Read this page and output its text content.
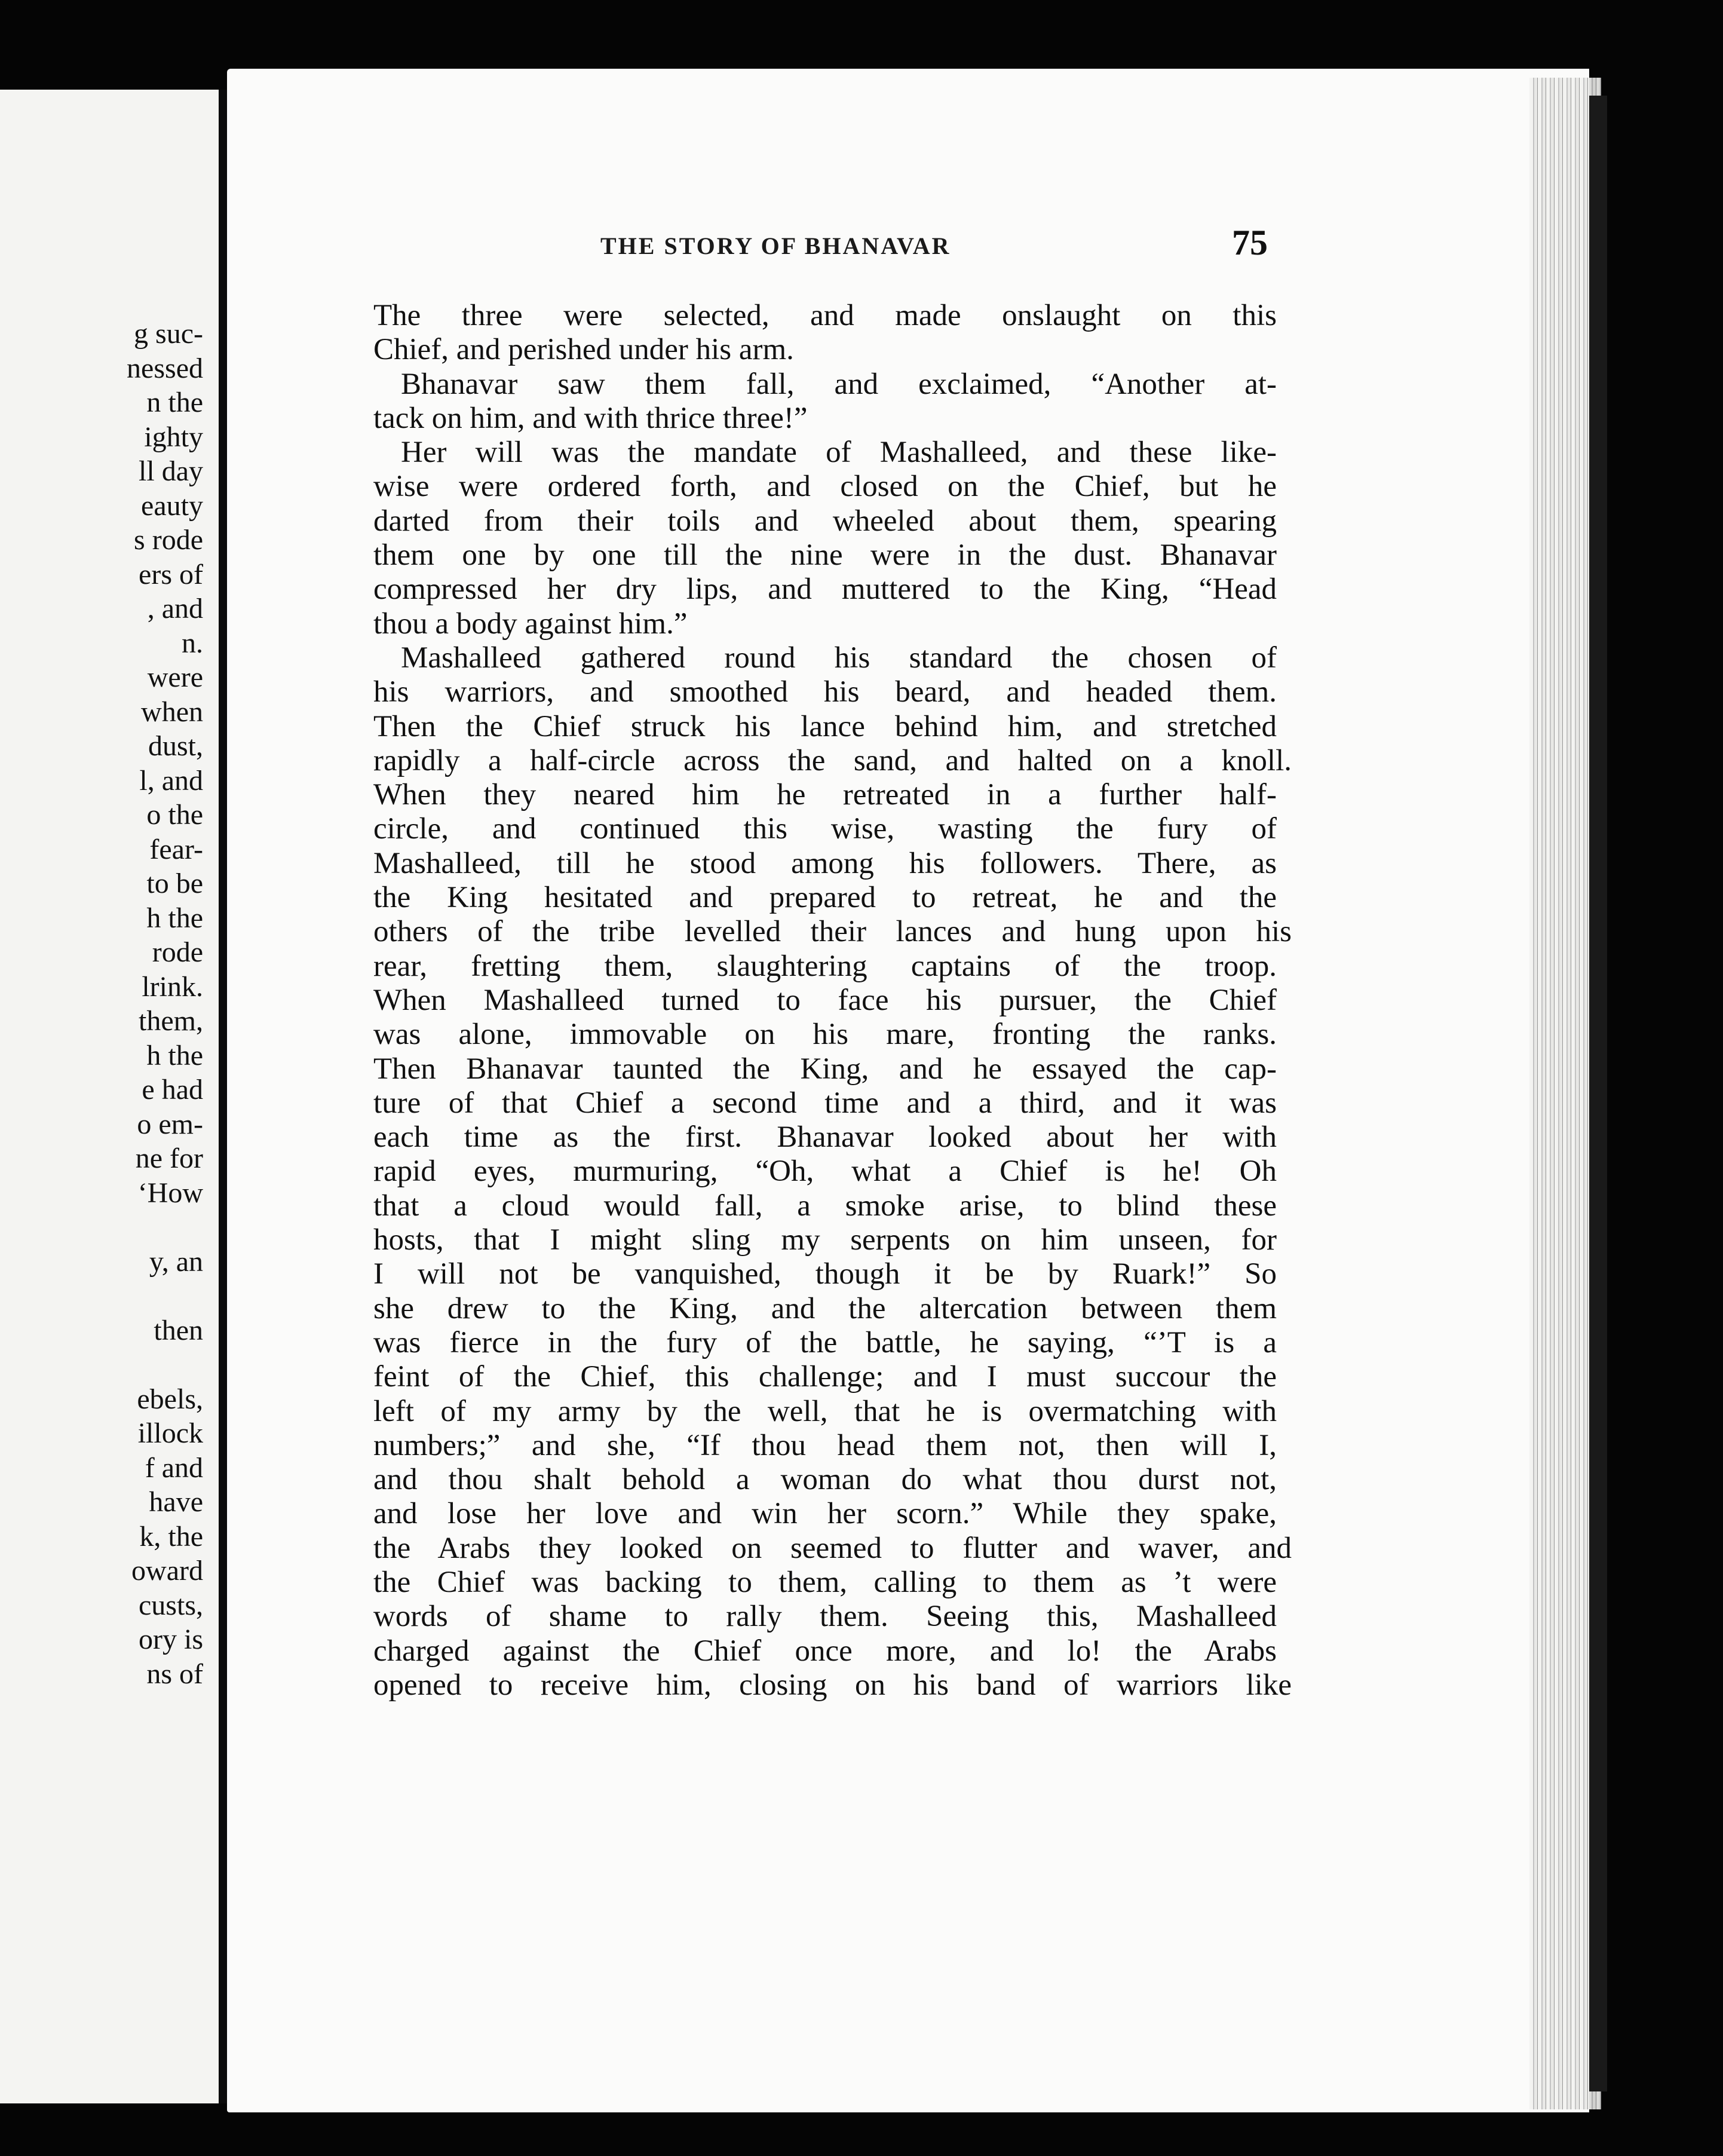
g suc-
nessed
n the
ighty
ll day
eauty
s rode
ers of
, and
n.
were
when
dust,
l, and
o the
fear-
to be
h the
rode
lrink.
them,
h the
e had
o em-
ne for
‘How
y, an
then
ebels,
illock
f and
have
k, the
oward
custs,
ory is
ns of
THE STORY OF BHANAVAR	75
The three were selected, and made onslaught on this
Chief, and perished under his arm.
Bhanavar saw them fall, and exclaimed, “Another at-
tack on him, and with thrice three!”
Her will was the mandate of Mashalleed, and these like-
wise were ordered forth, and closed on the Chief, but he
darted from their toils and wheeled about them, spearing
them one by one till the nine were in the dust. Bhanavar
compressed her dry lips, and muttered to the King, “Head
thou a body against him.”
Mashalleed gathered round his standard the chosen of
his warriors, and smoothed his beard, and headed them.
Then the Chief struck his lance behind him, and stretched
rapidly a half-circle across the sand, and halted on a knoll.
When they neared him he retreated in a further half-
circle, and continued this wise, wasting the fury of
Mashalleed, till he stood among his followers. There, as
the King hesitated and prepared to retreat, he and the
others of the tribe levelled their lances and hung upon his
rear, fretting them, slaughtering captains of the troop.
When Mashalleed turned to face his pursuer, the Chief
was alone, immovable on his mare, fronting the ranks.
Then Bhanavar taunted the King, and he essayed the cap-
ture of that Chief a second time and a third, and it was
each time as the first. Bhanavar looked about her with
rapid eyes, murmuring, “Oh, what a Chief is he! Oh
that a cloud would fall, a smoke arise, to blind these
hosts, that I might sling my serpents on him unseen, for
I will not be vanquished, though it be by Ruark!” So
she drew to the King, and the altercation between them
was fierce in the fury of the battle, he saying, “’T is a
feint of the Chief, this challenge; and I must succour the
left of my army by the well, that he is overmatching with
numbers;” and she, “If thou head them not, then will I,
and thou shalt behold a woman do what thou durst not,
and lose her love and win her scorn.” While they spake,
the Arabs they looked on seemed to flutter and waver, and
the Chief was backing to them, calling to them as ’t were
words of shame to rally them. Seeing this, Mashalleed
charged against the Chief once more, and lo! the Arabs
opened to receive him, closing on his band of warriors like
